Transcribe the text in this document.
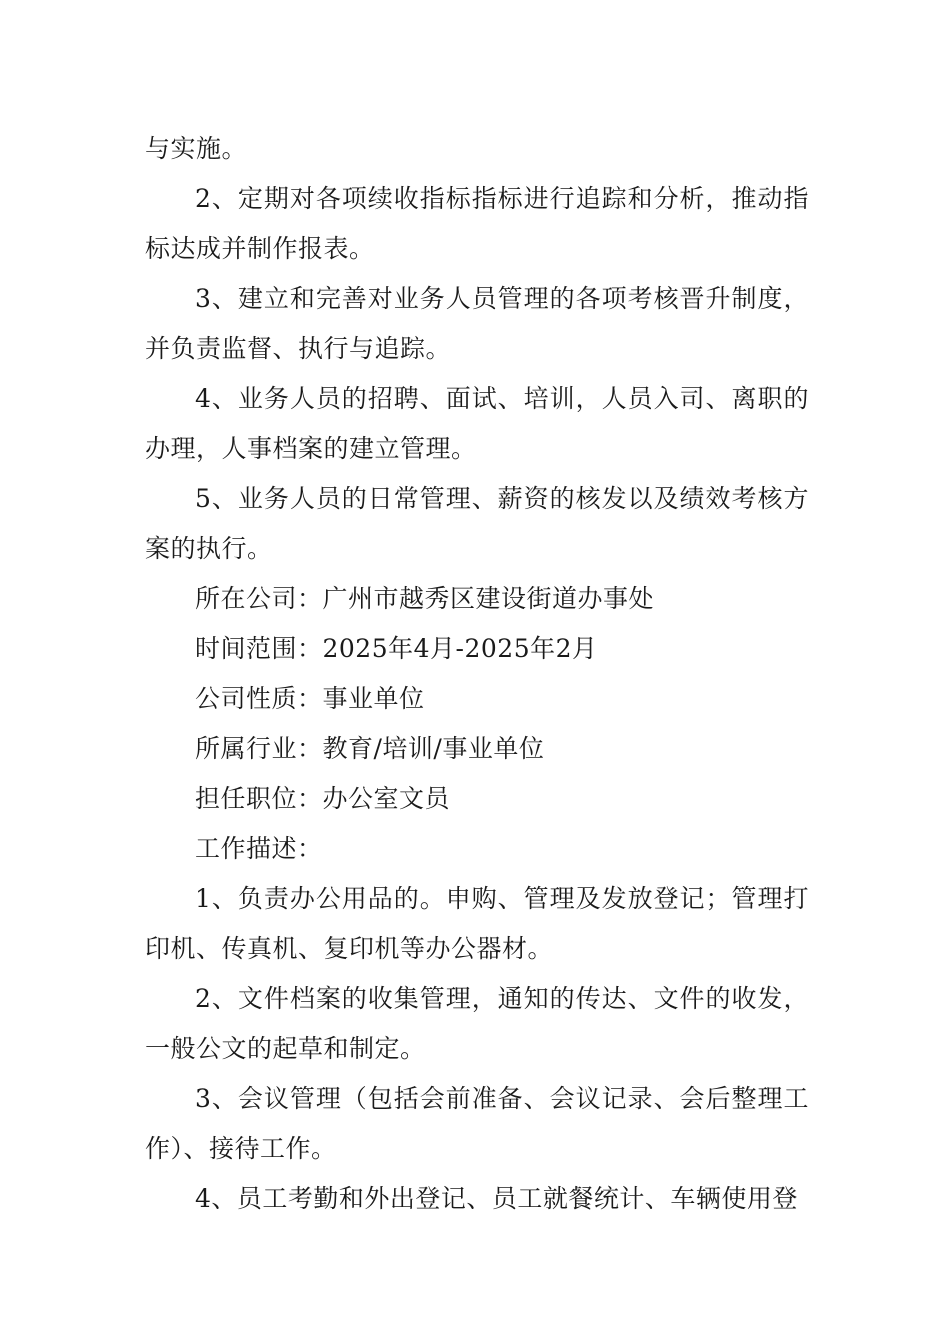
与实施。

2、定期对各项续收指标指标进行追踪和分析，推动指标达成并制作报表。

3、建立和完善对业务人员管理的各项考核晋升制度，并负责监督、执行与追踪。

4、业务人员的招聘、面试、培训，人员入司、离职的办理，人事档案的建立管理。

5、业务人员的日常管理、薪资的核发以及绩效考核方案的执行。

所在公司：广州市越秀区建设街道办事处

时间范围：2025年4月-2025年2月

公司性质：事业单位

所属行业：教育/培训/事业单位

担任职位：办公室文员

工作描述：

1、负责办公用品的。申购、管理及发放登记；管理打印机、传真机、复印机等办公器材。

2、文件档案的收集管理，通知的传达、文件的收发，一般公文的起草和制定。

3、会议管理（包括会前准备、会议记录、会后整理工作）、接待工作。

4、员工考勤和外出登记、员工就餐统计、车辆使用登
